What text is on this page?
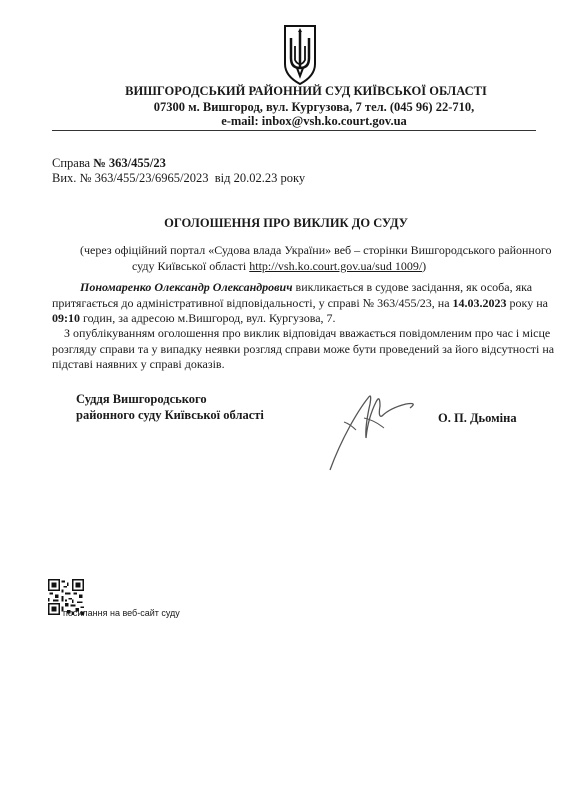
ВИШГОРОДСЬКИЙ РАЙОННИЙ СУД КИЇВСЬКОЇ ОБЛАСТІ
07300 м. Вишгород, вул. Кургузова, 7 тел. (045 96) 22-710,
e-mail: inbox@vsh.ko.court.gov.ua
Справа № 363/455/23
Вих. № 363/455/23/6965/2023 від 20.02.23 року
ОГОЛОШЕННЯ ПРО ВИКЛИК ДО СУДУ
(через офіційний портал «Судова влада України» веб – сторінки Вишгородського районного
суду Київської області http://vsh.ko.court.gov.ua/sud 1009/)
Пономаренко Олександр Олександрович викликається в судове засідання, як особа, яка
притягається до адміністративної відповідальності, у справі № 363/455/23, на 14.03.2023 року на
09:10 годин, за адресою м.Вишгород, вул. Кургузова, 7.
З опублікуванням оголошення про виклик відповідач вважається повідомленим про час і місце
розгляду справи та у випадку неявки розгляд справи може бути проведений за його відсутності на
підставі наявних у справі доказів.
Суддя Вишгородського
районного суду Київської області	О. П. Дьоміна
посилання на веб-сайт суду
